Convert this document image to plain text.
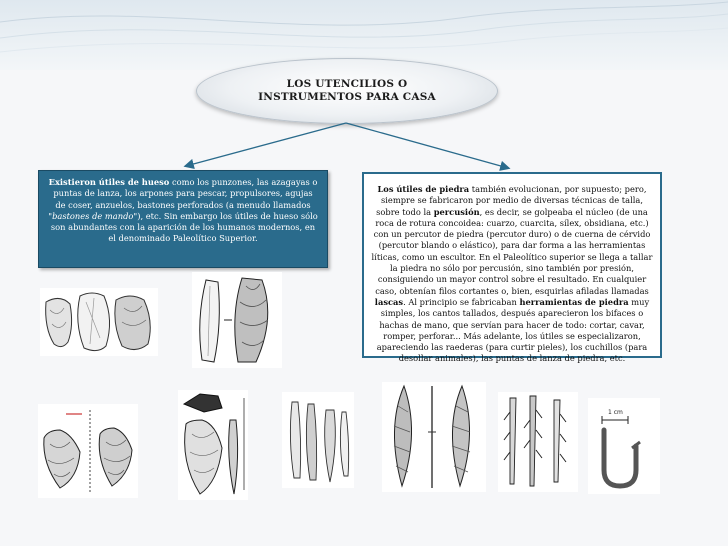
LOS UTENCILIOS O
INSTRUMENTOS PARA CASA
Existieron útiles de hueso como los punzones, las azagayas o puntas de lanza, los arpones para pescar, propulsores, agujas de coser, anzuelos, bastones perforados (a menudo llamados "bastones de mando"), etc. Sin embargo los útiles de hueso sólo son abundantes con la aparición de los humanos modernos, en el denominado Paleolítico Superior.
Los útiles de piedra también evolucionan, por supuesto; pero, siempre se fabricaron por medio de diversas técnicas de talla, sobre todo la percusión, es decir, se golpeaba el núcleo (de una roca de rotura concoidea: cuarzo, cuarcita, sílex, obsidiana, etc.) con un percutor de piedra (percutor duro) o de cuerna de cérvido (percutor blando o elástico), para dar forma a las herramientas líticas, como un escultor. En el Paleolítico superior se llega a tallar la piedra no sólo por percusión, sino también por presión, consiguiendo un mayor control sobre el resultado. En cualquier caso, obtenían filos cortantes o, bien, esquirlas afiladas llamadas lascas. Al principio se fabricaban herramientas de piedra muy simples, los cantos tallados, después aparecieron los bifaces o hachas de mano, que servían para hacer de todo: cortar, cavar, romper, perforar... Más adelante, los útiles se especializaron, apareciendo las raederas (para curtir pieles), los cuchillos (para desollar animales), las puntas de lanza de piedra, etc.
1 cm
